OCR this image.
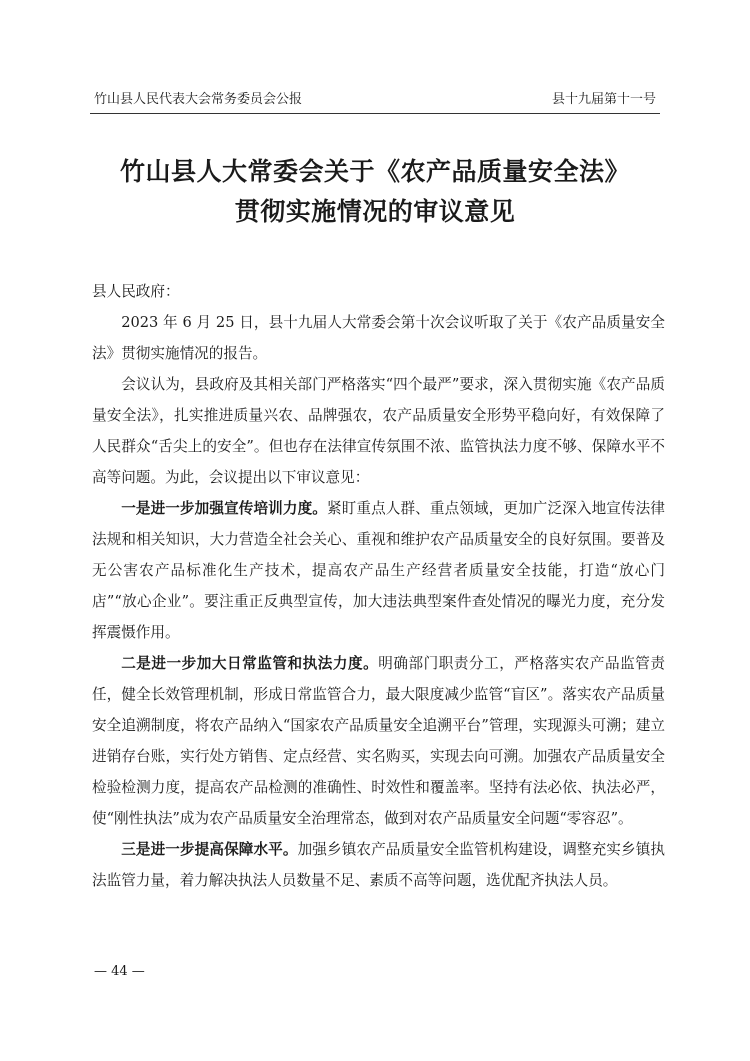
竹山县人民代表大会常务委员会公报	县十九届第十一号
竹山县人大常委会关于《农产品质量安全法》
贯彻实施情况的审议意见

县人民政府：

2023 年 6 月 25 日，县十九届人大常委会第十次会议听取了关于《农产品质量安全法》贯彻实施情况的报告。

会议认为，县政府及其相关部门严格落实“四个最严”要求，深入贯彻实施《农产品质量安全法》，扎实推进质量兴农、品牌强农，农产品质量安全形势平稳向好，有效保障了人民群众“舌尖上的安全”。但也存在法律宣传氛围不浓、监管执法力度不够、保障水平不高等问题。为此，会议提出以下审议意见：

一是进一步加强宣传培训力度。紧盯重点人群、重点领域，更加广泛深入地宣传法律法规和相关知识，大力营造全社会关心、重视和维护农产品质量安全的良好氛围。要普及无公害农产品标准化生产技术，提高农产品生产经营者质量安全技能，打造“放心门店”“放心企业”。要注重正反典型宣传，加大违法典型案件查处情况的曝光力度，充分发挥震慑作用。

二是进一步加大日常监管和执法力度。明确部门职责分工，严格落实农产品监管责任，健全长效管理机制，形成日常监管合力，最大限度减少监管“盲区”。落实农产品质量安全追溯制度，将农产品纳入“国家农产品质量安全追溯平台”管理，实现源头可溯；建立进销存台账，实行处方销售、定点经营、实名购买，实现去向可溯。加强农产品质量安全检验检测力度，提高农产品检测的准确性、时效性和覆盖率。坚持有法必依、执法必严，使“刚性执法”成为农产品质量安全治理常态，做到对农产品质量安全问题“零容忍”。

三是进一步提高保障水平。加强乡镇农产品质量安全监管机构建设，调整充实乡镇执法监管力量，着力解决执法人员数量不足、素质不高等问题，选优配齐执法人员。

— 44 —
